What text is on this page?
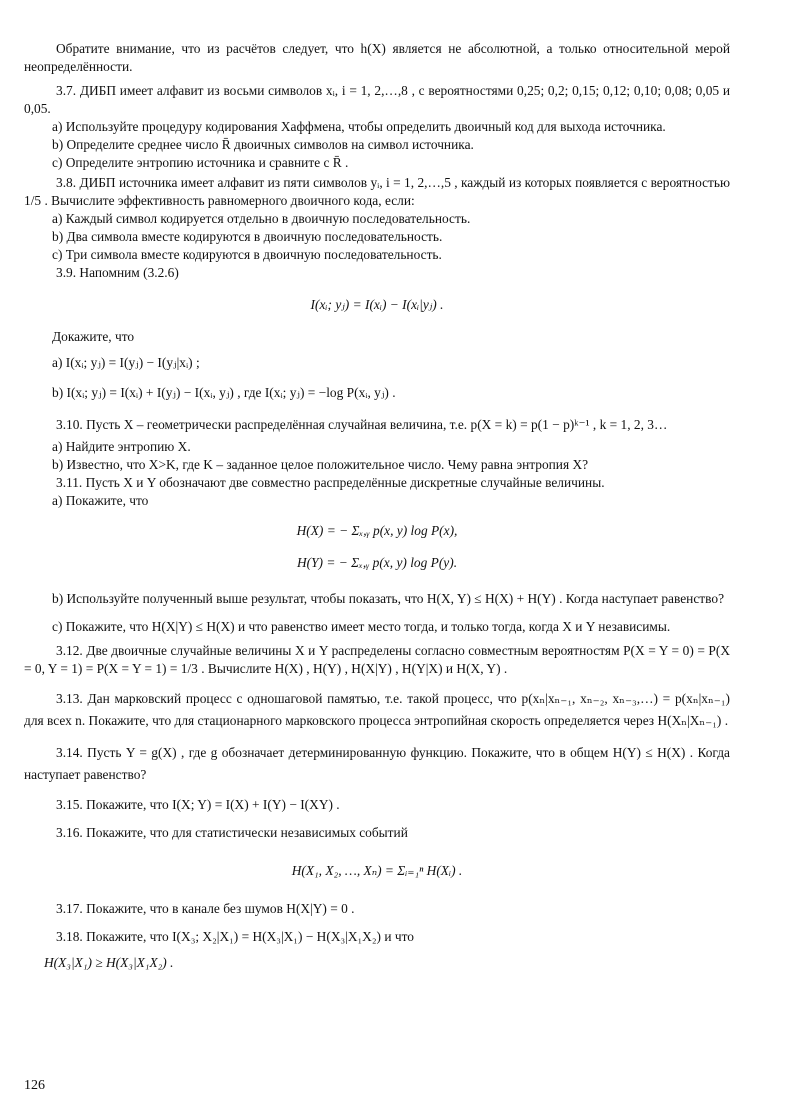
Обратите внимание, что из расчётов следует, что h(X) является не абсолютной, а только относительной мерой неопределённости.

3.7. ДИБП имеет алфавит из восьми символов xᵢ, i = 1, 2,…,8 , с вероятностями 0,25; 0,2; 0,15; 0,12; 0,10; 0,08; 0,05 и 0,05.

a) Используйте процедуру кодирования Хаффмена, чтобы определить двоичный код для выхода источника.

b) Определите среднее число R̄ двоичных символов на символ источника.

c) Определите энтропию источника и сравните с R̄ .

3.8. ДИБП источника имеет алфавит из пяти символов yᵢ, i = 1, 2,…,5 , каждый из которых появляется с вероятностью 1/5 . Вычислите эффективность равномерного двоичного кода, если:

a) Каждый символ кодируется отдельно в двоичную последовательность.

b) Два символа вместе кодируются в двоичную последовательность.

c) Три символа вместе кодируются в двоичную последовательность.

3.9. Напомним (3.2.6)

I(xᵢ; yⱼ) = I(xᵢ) − I(xᵢ|yⱼ) .

Докажите, что

a) I(xᵢ; yⱼ) = I(yⱼ) − I(yⱼ|xᵢ) ;

b) I(xᵢ; yⱼ) = I(xᵢ) + I(yⱼ) − I(xᵢ, yⱼ) , где I(xᵢ; yⱼ) = −log P(xᵢ, yⱼ) .

3.10. Пусть X – геометрически распределённая случайная величина, т.е. p(X = k) = p(1 − p)ᵏ⁻¹ , k = 1, 2, 3…

a) Найдите энтропию X.

b) Известно, что X>K, где K – заданное целое положительное число. Чему равна энтропия X?

3.11. Пусть X и Y обозначают две совместно распределённые дискретные случайные величины.

a) Покажите, что

H(X) = − Σₓ,ᵧ p(x, y) log P(x),

H(Y) = − Σₓ,ᵧ p(x, y) log P(y).

b) Используйте полученный выше результат, чтобы показать, что H(X, Y) ≤ H(X) + H(Y) . Когда наступает равенство?

c) Покажите, что H(X|Y) ≤ H(X) и что равенство имеет место тогда, и только тогда, когда X и Y независимы.

3.12. Две двоичные случайные величины X и Y распределены согласно совместным вероятностям P(X = Y = 0) = P(X = 0, Y = 1) = P(X = Y = 1) = 1/3 . Вычислите H(X) , H(Y) , H(X|Y) , H(Y|X) и H(X, Y) .

3.13. Дан марковский процесс с одношаговой памятью, т.е. такой процесс, что p(xₙ|xₙ₋₁, xₙ₋₂, xₙ₋₃,…) = p(xₙ|xₙ₋₁) для всех n. Покажите, что для стационарного марковского процесса энтропийная скорость определяется через H(Xₙ|Xₙ₋₁) .

3.14. Пусть Y = g(X) , где g обозначает детерминированную функцию. Покажите, что в общем H(Y) ≤ H(X) . Когда наступает равенство?

3.15. Покажите, что I(X; Y) = I(X) + I(Y) − I(XY) .

3.16. Покажите, что для статистически независимых событий

H(X₁, X₂, …, Xₙ) = Σᵢ₌₁ⁿ H(Xᵢ) .

3.17. Покажите, что в канале без шумов H(X|Y) = 0 .

3.18. Покажите, что I(X₃; X₂|X₁) = H(X₃|X₁) − H(X₃|X₁X₂) и что

H(X₃|X₁) ≥ H(X₃|X₁X₂) .

126
